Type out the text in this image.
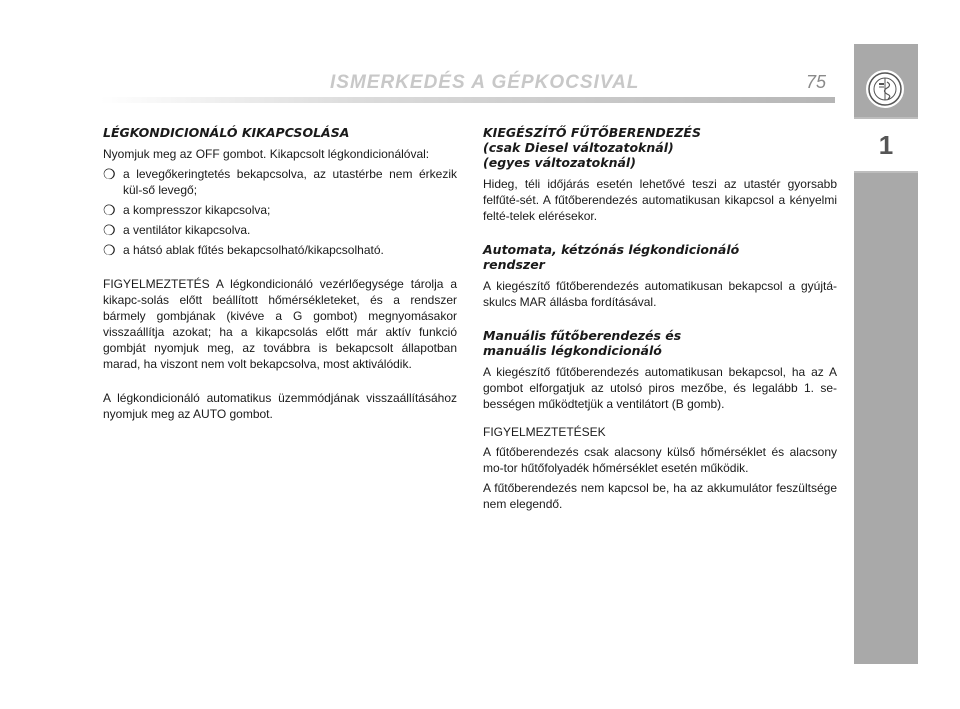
ISMERKEDÉS A GÉPKOCSIVAL	75
1
LÉGKONDICIONÁLÓ KIKAPCSOLÁSA

Nyomjuk meg az OFF gombot. Kikapcsolt légkondicionálóval:

❍ a levegőkeringtetés bekapcsolva, az utastérbe nem érkezik kül-ső levegő;
❍ a kompresszor kikapcsolva;
❍ a ventilátor kikapcsolva.
❍ a hátsó ablak fűtés bekapcsolható/kikapcsolható.

FIGYELMEZTETÉS A légkondicionáló vezérlőegysége tárolja a kikapc-solás előtt beállított hőmérsékleteket, és a rendszer bármely gombjának (kivéve a G gombot) megnyomásakor visszaállítja azokat; ha a kikapcsolás előtt már aktív funkció gombját nyomjuk meg, az továbbra is bekapcsolt állapotban marad, ha viszont nem volt bekapcsolva, most aktiválódik.

A légkondicionáló automatikus üzemmódjának visszaállításához nyomjuk meg az AUTO gombot.

KIEGÉSZÍTŐ FŰTŐBERENDEZÉS
(csak Diesel változatoknál)
(egyes változatoknál)

Hideg, téli időjárás esetén lehetővé teszi az utastér gyorsabb felfűté-sét. A fűtőberendezés automatikusan kikapcsol a kényelmi felté-telek elérésekor.

Automata, kétzónás légkondicionáló
rendszer

A kiegészítő fűtőberendezés automatikusan bekapcsol a gyújtá-skulcs MAR állásba fordításával.

Manuális fűtőberendezés és
manuális légkondicionáló

A kiegészítő fűtőberendezés automatikusan bekapcsol, ha az A gombot elforgatjuk az utolsó piros mezőbe, és legalább 1. se-bességen működtetjük a ventilátort (B gomb).

FIGYELMEZTETÉSEK

A fűtőberendezés csak alacsony külső hőmérséklet és alacsony mo-tor hűtőfolyadék hőmérséklet esetén működik.

A fűtőberendezés nem kapcsol be, ha az akkumulátor feszültsége nem elegendő.
